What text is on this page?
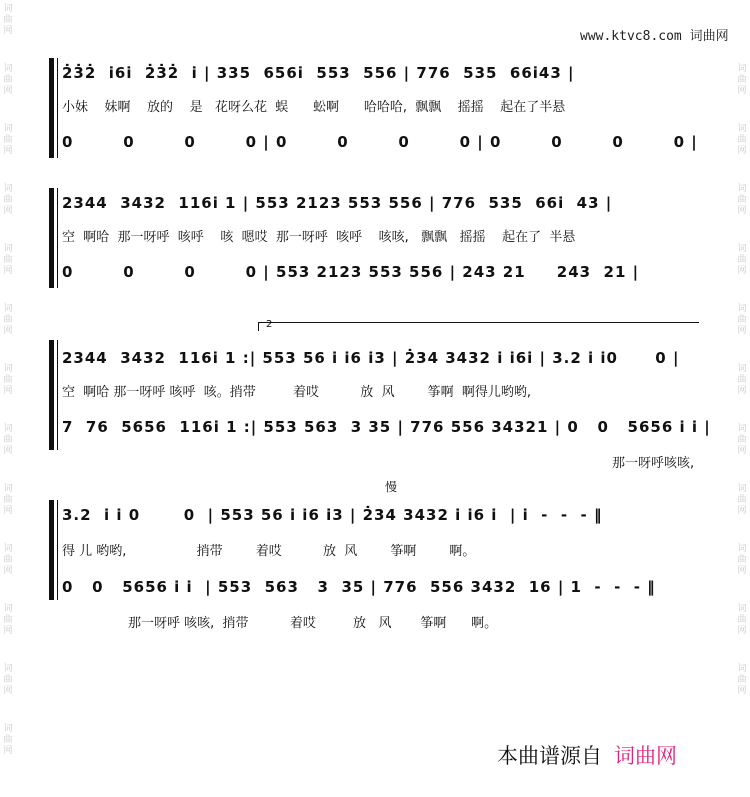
词
曲
网
词
曲
网
词
曲
网
词
曲
网
词
曲
网
词
曲
网
词
曲
网
词
曲
网
词
曲
网
词
曲
网
词
曲
网
词
曲
网
词
曲
网
词
曲
网
词
曲
网
词
曲
网
词
曲
网
词
曲
网
词
曲
网
词
曲
网
词
曲
网
词
曲
网
词
曲
网
词
曲
网
www.ktvc8.com 词曲网
2̇3̇2̇  i̇6i̇  2̇3̇2̇  i̇ | 335  656i̇  553  556 | 776  535  66i̇43 |
小妹    妹啊    放的    是   花呀么花  蜈      蚣啊      哈哈哈,  飘飘    摇摇    起在了半悬
0        0        0        0 | 0        0        0        0 | 0        0        0        0 |
2344  3432  116i 1 | 553 2123 553 556 | 776  535  66i  43 |
空  啊哈  那一呀呼  咳呼    咳  嗯哎  那一呀呼  咳呼    咳咳,   飘飘   摇摇    起在了  半悬
0        0        0        0 | 553 2123 553 556 | 243 21     243  21 |
2
2344  3432  116i 1 :| 553 56 i i6 i3 | 2̇34 3432 i i6i | 3.2 i i0      0 |
空  啊哈 那一呀呼 咳呼  咳。捎带         着哎          放  风        筝啊  啊得儿哟哟,
7  76  5656  116i 1 :| 553 563  3 35 | 776 556 34321 | 0   0   5656 i i |
那一呀呼咳咳,
慢
3.2  i i 0       0  | 553 56 i i6 i3 | 2̇34 3432 i i6 i  | i  -  -  - ‖
得 儿 哟哟,                 捎带        着哎          放  风        筝啊        啊。
0   0   5656 i i  | 553  563   3  35 | 776  556 3432  16 | 1  -  -  - ‖
那一呀呼 咳咳,  捎带          着哎         放   风       筝啊      啊。
本曲谱源自 词曲网
